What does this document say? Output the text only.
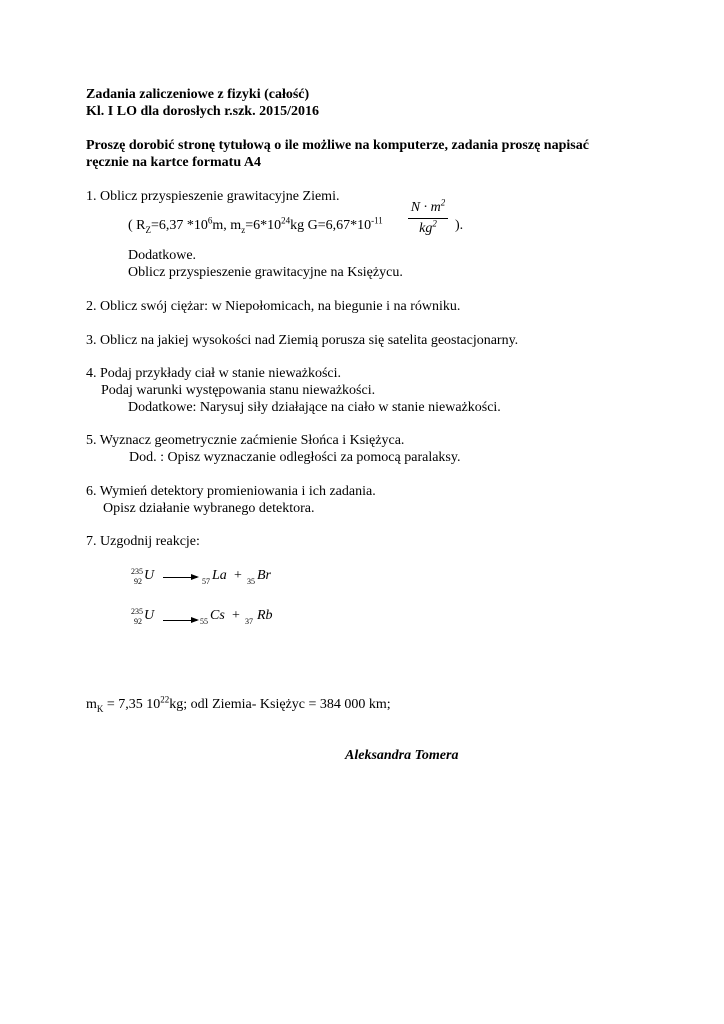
Zadania zaliczeniowe z fizyki (całość)
Kl. I LO dla dorosłych r.szk. 2015/2016
Proszę dorobić stronę tytułową o ile możliwe na komputerze, zadania proszę napisać
ręcznie na kartce formatu A4
1. Oblicz przyspieszenie grawitacyjne Ziemi.
( $R_Z=6,37$ $*10^6m$, $m_z=6*10^{24}kg$ $G=6,67*10^{-11}$
$N \cdot m^2$
$kg^2$	).
Dodatkowe.
Oblicz przyspieszenie grawitacyjne na Księżycu.
2. Oblicz swój ciężar: w Niepołomicach, na biegunie i na równiku.
3. Oblicz na jakiej wysokości nad Ziemią porusza się satelita geostacjonarny.
4. Podaj przykłady ciał w stanie nieważkości.
Podaj warunki występowania stanu nieważkości.
Dodatkowe: Narysuj siły działające na ciało w stanie nieważkości.
5. Wyznacz geometrycznie zaćmienie Słońca i Księżyca.
Dod. : Opisz wyznaczanie odległości za pomocą paralaksy.
6. Wymień detektory promieniowania i ich zadania.
Opisz działanie wybranego detektora.
7. Uzgodnij reakcje:
235
92 U → 57 La + 35 Br
235
92 U → 55 Cs + 37 Rb
$m_K = 7,35$ $10^{22}kg$; odl Ziemia- Księżyc = 384 000 km;
Aleksandra Tomera
